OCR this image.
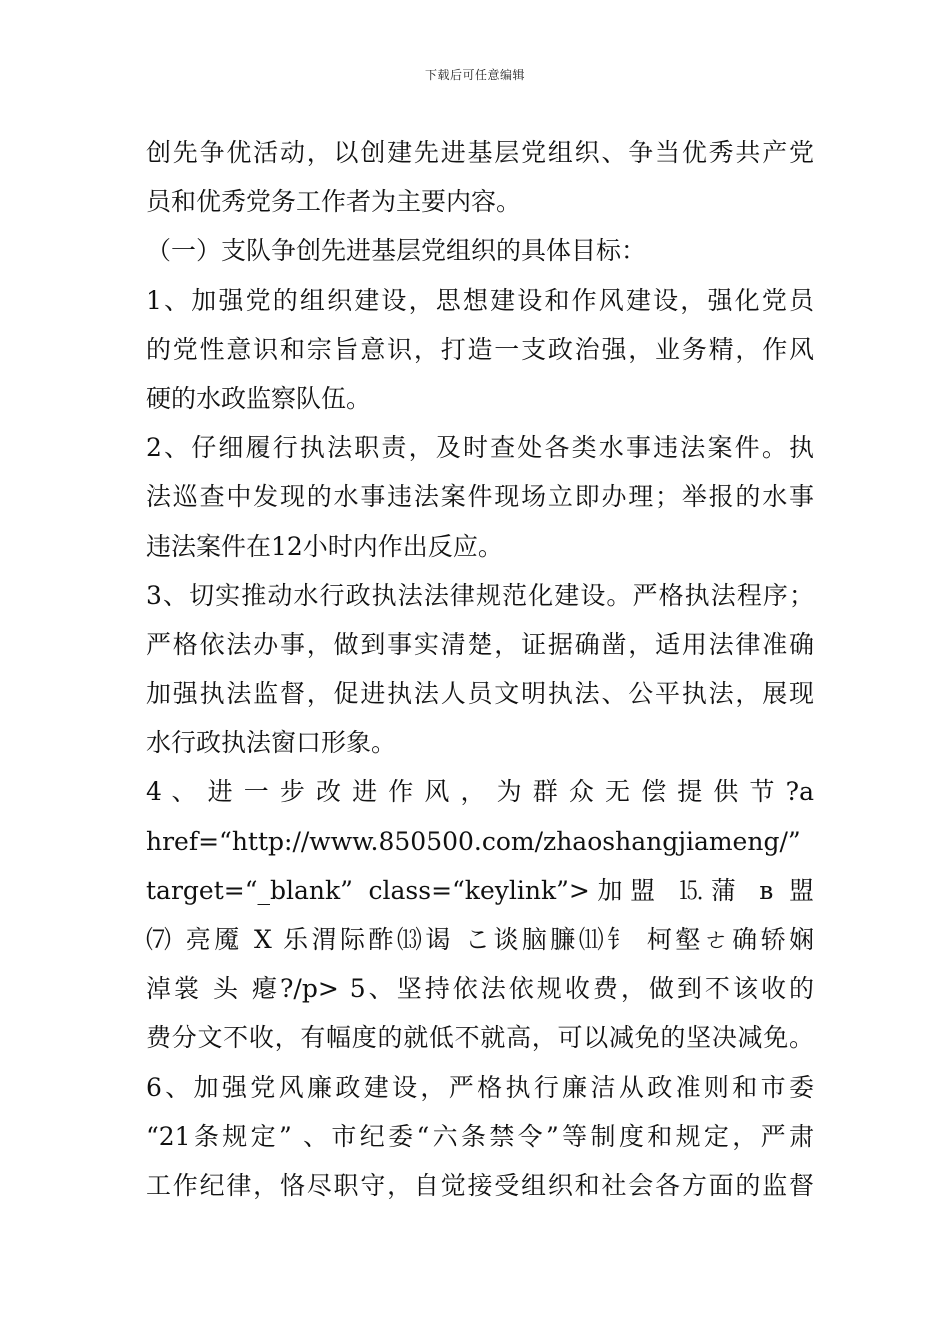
下载后可任意编辑
创先争优活动，以创建先进基层党组织、争当优秀共产党
员和优秀党务工作者为主要内容。
（一）支队争创先进基层党组织的具体目标：
1、加强党的组织建设，思想建设和作风建设，强化党员
的党性意识和宗旨意识，打造一支政治强，业务精，作风
硬的水政监察队伍。
2、仔细履行执法职责，及时查处各类水事违法案件。执
法巡查中发现的水事违法案件现场立即办理；举报的水事
违法案件在12小时内作出反应。
3、切实推动水行政执法法律规范化建设。严格执法程序；
严格依法办事，做到事实清楚，证据确凿，适用法律准确
加强执法监督，促进执法人员文明执法、公平执法，展现
水行政执法窗口形象。
4 、 进 一 步 改 进 作 风 ， 为 群 众 无 偿 提 供 节 ?a
href=“http://www.850500.com/zhaoshangjiameng/”
target=“_blank” class=“keylink”>加盟 ⒖蒲 в 盟
⑺ 亮魇 Х 乐渭际酢⒀谒 こ谈脑臁⑾钅 柯壑ㄜ确轿娴
淖裳 头 瘪?/p> 5、坚持依法依规收费，做到不该收的
费分文不收，有幅度的就低不就高，可以减免的坚决减免。
6、加强党风廉政建设，严格执行廉洁从政准则和市委
“21条规定” 、市纪委“六条禁令”等制度和规定，严肃
工作纪律，恪尽职守，自觉接受组织和社会各方面的监督
